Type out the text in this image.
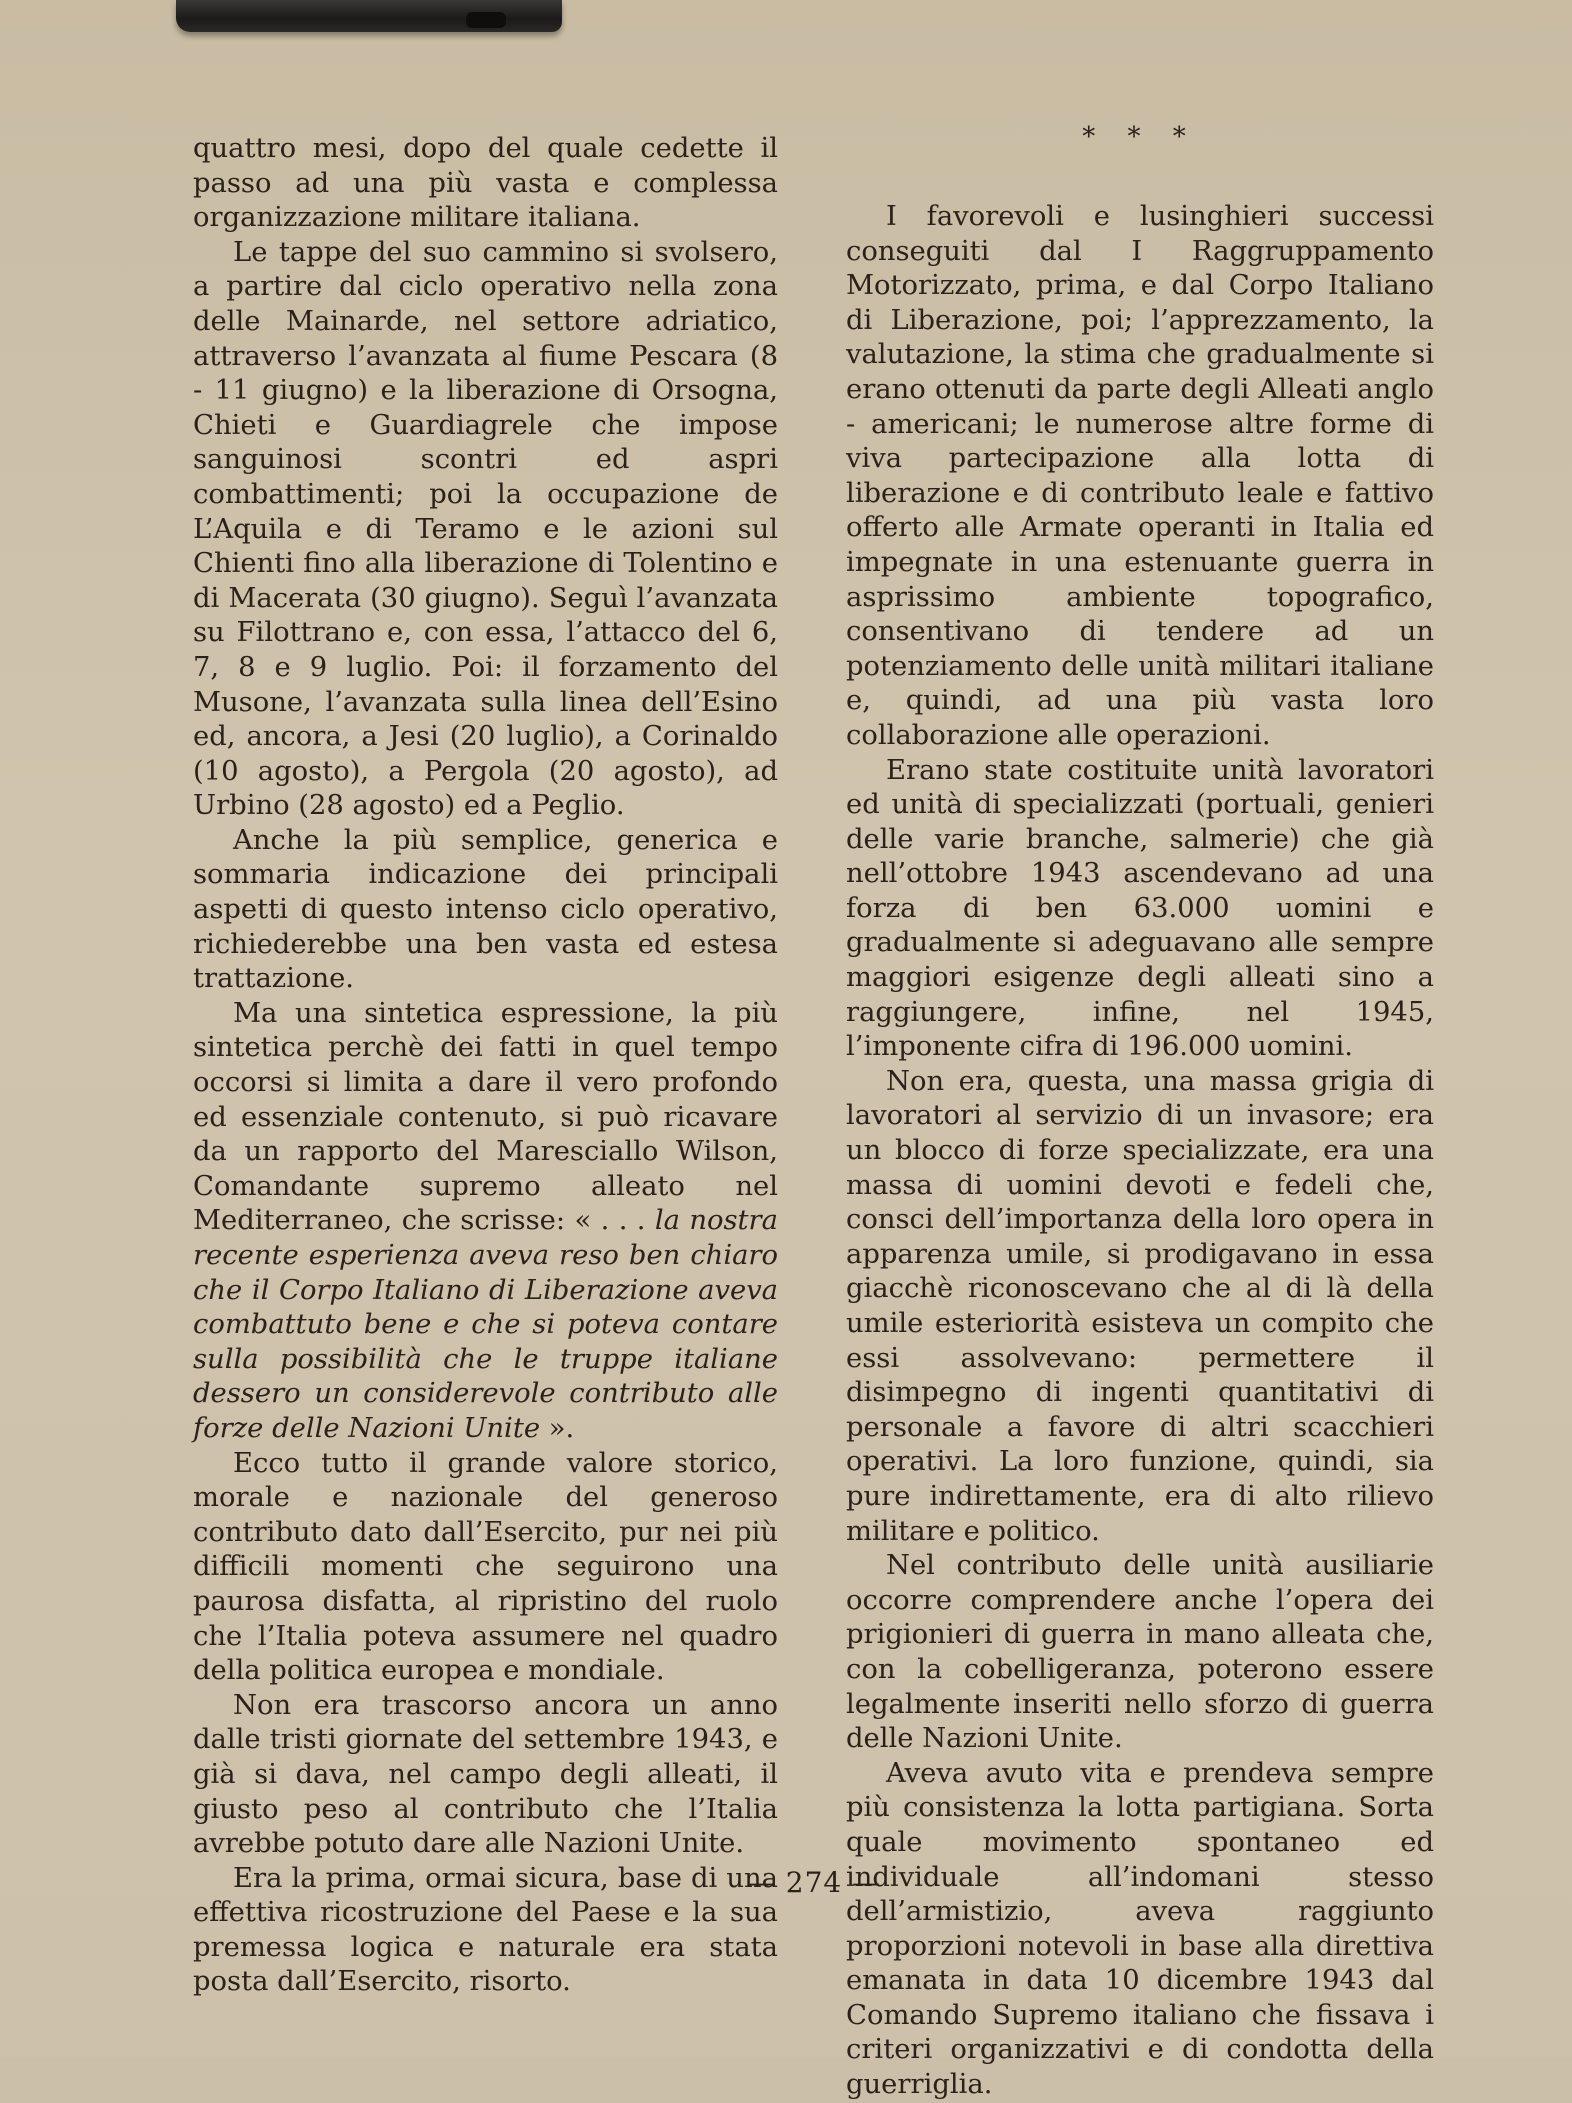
quattro mesi, dopo del quale cedette il passo ad una più vasta e complessa organizzazione militare italiana.

Le tappe del suo cammino si svolsero, a partire dal ciclo operativo nella zona delle Mainarde, nel settore adriatico, attraverso l’avanzata al fiume Pescara (8 - 11 giugno) e la liberazione di Orsogna, Chieti e Guardiagrele che impose sanguinosi scontri ed aspri combattimenti; poi la occupazione de L’Aquila e di Teramo e le azioni sul Chienti fino alla liberazione di Tolentino e di Macerata (30 giugno). Seguì l’avanzata su Filottrano e, con essa, l’attacco del 6, 7, 8 e 9 luglio. Poi: il forzamento del Musone, l’avanzata sulla linea dell’Esino ed, ancora, a Jesi (20 luglio), a Corinaldo (10 agosto), a Pergola (20 agosto), ad Urbino (28 agosto) ed a Peglio.

Anche la più semplice, generica e sommaria indicazione dei principali aspetti di questo intenso ciclo operativo, richiederebbe una ben vasta ed estesa trattazione.

Ma una sintetica espressione, la più sintetica perchè dei fatti in quel tempo occorsi si limita a dare il vero profondo ed essenziale contenuto, si può ricavare da un rapporto del Maresciallo Wilson, Comandante supremo alleato nel Mediterraneo, che scrisse: « . . . la nostra recente esperienza aveva reso ben chiaro che il Corpo Italiano di Liberazione aveva combattuto bene e che si poteva contare sulla possibilità che le truppe italiane dessero un considerevole contributo alle forze delle Nazioni Unite ».

Ecco tutto il grande valore storico, morale e nazionale del generoso contributo dato dall’Esercito, pur nei più difficili momenti che seguirono una paurosa disfatta, al ripristino del ruolo che l’Italia poteva assumere nel quadro della politica europea e mondiale.

Non era trascorso ancora un anno dalle tristi giornate del settembre 1943, e già si dava, nel campo degli alleati, il giusto peso al contributo che l’Italia avrebbe potuto dare alle Nazioni Unite.

Era la prima, ormai sicura, base di una effettiva ricostruzione del Paese e la sua premessa logica e naturale era stata posta dall’Esercito, risorto.

* * *

I favorevoli e lusinghieri successi conseguiti dal I Raggruppamento Motorizzato, prima, e dal Corpo Italiano di Liberazione, poi; l’apprezzamento, la valutazione, la stima che gradualmente si erano ottenuti da parte degli Alleati anglo - americani; le numerose altre forme di viva partecipazione alla lotta di liberazione e di contributo leale e fattivo offerto alle Armate operanti in Italia ed impegnate in una estenuante guerra in asprissimo ambiente topografico, consentivano di tendere ad un potenziamento delle unità militari italiane e, quindi, ad una più vasta loro collaborazione alle operazioni.

Erano state costituite unità lavoratori ed unità di specializzati (portuali, genieri delle varie branche, salmerie) che già nell’ottobre 1943 ascendevano ad una forza di ben 63.000 uomini e gradualmente si adeguavano alle sempre maggiori esigenze degli alleati sino a raggiungere, infine, nel 1945, l’imponente cifra di 196.000 uomini.

Non era, questa, una massa grigia di lavoratori al servizio di un invasore; era un blocco di forze specializzate, era una massa di uomini devoti e fedeli che, consci dell’importanza della loro opera in apparenza umile, si prodigavano in essa giacchè riconoscevano che al di là della umile esteriorità esisteva un compito che essi assolvevano: permettere il disimpegno di ingenti quantitativi di personale a favore di altri scacchieri operativi. La loro funzione, quindi, sia pure indirettamente, era di alto rilievo militare e politico.

Nel contributo delle unità ausiliarie occorre comprendere anche l’opera dei prigionieri di guerra in mano alleata che, con la cobelligeranza, poterono essere legalmente inseriti nello sforzo di guerra delle Nazioni Unite.

Aveva avuto vita e prendeva sempre più consistenza la lotta partigiana. Sorta quale movimento spontaneo ed individuale all’indomani stesso dell’armistizio, aveva raggiunto proporzioni notevoli in base alla direttiva emanata in data 10 dicembre 1943 dal Comando Supremo italiano che fissava i criteri organizzativi e di condotta della guerriglia.

— 274 —
